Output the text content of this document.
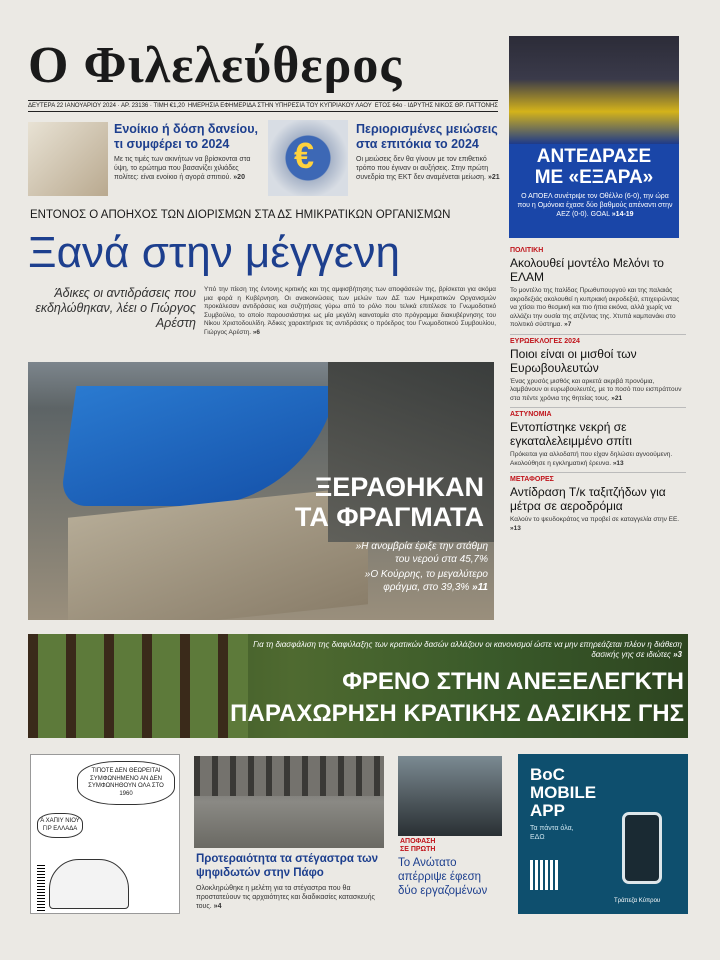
Ο Φιλελεύθερος
ΔΕΥΤΕΡΑ 22 ΙΑΝΟΥΑΡΙΟΥ 2024 · ΑΡ. 23136 · ΤΙΜΗ €1,20 ΗΜΕΡΗΣΙΑ ΕΦΗΜΕΡΙΔΑ ΣΤΗΝ ΥΠΗΡΕΣΙΑ ΤΟΥ ΚΥΠΡΙΑΚΟΥ ΛΑΟΥ ΕΤΟΣ 64ο · ΙΔΡΥΤΗΣ ΝΙΚΟΣ ΘΡ. ΠΑΤΤΟΝΗΣ
Ενοίκιο ή δόση δανείου, τι συμφέρει το 2024
Με τις τιμές των ακινήτων να βρίσκονται στα ύψη, το ερώτημα που βασανίζει χιλιάδες πολίτες: είναι ενοίκιο ή αγορά σπιτιού. »20
€
Περιορισμένες μειώσεις στα επιτόκια το 2024
Οι μειώσεις δεν θα γίνουν με τον επιθετικό τρόπο που έγιναν οι αυξήσεις. Στην πρώτη συνεδρία της ΕΚΤ δεν αναμένεται μείωση. »21
ΑΝΤΕΔΡΑΣΕ
ΜΕ «ΕΞΑΡΑ»
Ο ΑΠΟΕΛ συνέτριψε τον Οθέλλο (6-0), την ώρα που η Ομόνοια έχασε δύο βαθμούς απέναντι στην ΑΕΖ (0-0). GOAL »14-19
ΕΝΤΟΝΟΣ Ο ΑΠΟΗΧΟΣ ΤΩΝ ΔΙΟΡΙΣΜΩΝ ΣΤΑ ΔΣ ΗΜΙΚΡΑΤΙΚΩΝ ΟΡΓΑΝΙΣΜΩΝ
Ξανά στην μέγγενη
Άδικες οι αντιδράσεις που εκδηλώθηκαν, λέει ο Γιώργος Αρέστη
Υπό την πίεση της έντονης κριτικής και της αμφισβήτησης των αποφάσεών της, βρίσκεται για ακόμα μια φορά η Κυβέρνηση. Οι ανακοινώσεις των μελών των ΔΣ των Ημικρατικών Οργανισμών προκάλεσαν αντιδράσεις και συζητήσεις γύρω από το ρόλο που τελικά επιτέλεσε το Γνωμοδοτικό Συμβούλιο, το οποίο παρουσιάστηκε ως μία μεγάλη καινοτομία στο πρόγραμμα διακυβέρνησης του Νίκου Χριστοδουλίδη. Άδικες χαρακτήρισε τις αντιδράσεις ο πρόεδρος του Γνωμοδοτικού Συμβουλίου, Γιώργος Αρέστη. »6
ΞΕΡΑΘΗΚΑΝ
ΤΑ ΦΡΑΓΜΑΤΑ
»Η ανομβρία έριξε την στάθμη
του νερού στα 45,7%
»Ο Κούρρης, το μεγαλύτερο
φράγμα, στο 39,3% »11
ΠΟΛΙΤΙΚΗ
Ακολουθεί μοντέλο Μελόνι το ΕΛΑΜ
Το μοντέλο της Ιταλίδας Πρωθυπουργού και της παλαιάς ακροδεξιάς ακολουθεί η κυπριακή ακροδεξιά, επιχειρώντας να χτίσει πιο θεσμική και πιο ήπια εικόνα, αλλά χωρίς να αλλάζει την ουσία της ατζέντας της. Χτυπά καμπανάκι στο πολιτικό σύστημα. »7
ΕΥΡΩΕΚΛΟΓΕΣ 2024
Ποιοι είναι οι μισθοί των Ευρωβουλευτών
Ένας χρυσός μισθός και αρκετά ακριβά προνόμια, λαμβάνουν οι ευρωβουλευτές, με το ποσό που εισπράττουν στα πέντε χρόνια της θητείας τους. »21
ΑΣΤΥΝΟΜΙΑ
Εντοπίστηκε νεκρή σε εγκαταλελειμμένο σπίτι
Πρόκειται για αλλοδαπή που είχαν δηλώσει αγνοούμενη. Ακολούθησε η εγκληματική έρευνα. »13
ΜΕΤΑΦΟΡΕΣ
Αντίδραση Τ/κ ταξιτζήδων για μέτρα σε αεροδρόμια
Καλούν το ψευδοκράτος να προβεί σε καταγγελία στην ΕΕ. »13
Για τη διασφάλιση της διαφύλαξης των κρατικών δασών αλλάζουν οι κανονισμοί ώστε να μην επηρεάζεται πλέον η διάθεση δασικής γης σε ιδιώτες »3
ΦΡΕΝΟ ΣΤΗΝ ΑΝΕΞΕΛΕΓΚΤΗ
ΠΑΡΑΧΩΡΗΣΗ ΚΡΑΤΙΚΗΣ ΔΑΣΙΚΗΣ ΓΗΣ
ΤΙΠΟΤΕ ΔΕΝ ΘΕΩΡΕΙΤΑΙ ΣΥΜΦΩΝΗΜΕΝΟ ΑΝ ΔΕΝ ΣΥΜΦΩΝΗΘΟΥΝ ΟΛΑ ΣΤΟ 1960
Α ΧΑΠΙΥ ΝΙΟΥ ΓΙΡ ΕΛΛΑΔΑ
Προτεραιότητα τα στέγαστρα των ψηφιδωτών στην Πάφο
Ολοκληρώθηκε η μελέτη για τα στέγαστρα που θα προστατεύουν τις αρχαιότητες και διαδικασίες κατασκευής τους. »4
ΑΠΟΦΑΣΗ
ΣΕ ΠΡΩΤΗ
Το Ανώτατο απέρριψε έφεση δύο εργαζομένων
BoC
MOBILE
APP
Τα πάντα όλα, ΕΔΩ
Τράπεζα Κύπρου
